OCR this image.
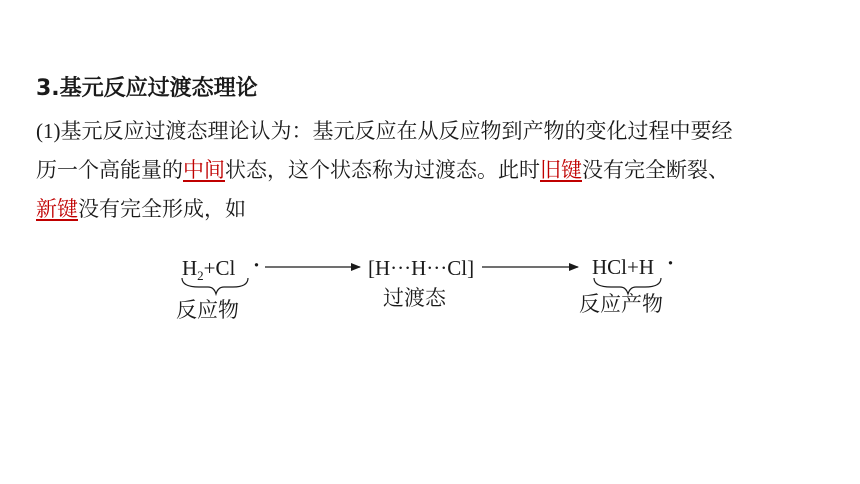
3.基元反应过渡态理论
(1)基元反应过渡态理论认为：基元反应在从反应物到产物的变化过程中要经
历一个高能量的中间状态，这个状态称为过渡态。此时旧键没有完全断裂、
新键没有完全形成，如
$H_2+Cl$ ·
反应物
[H···H···Cl]
过渡态
HCl+H ·
反应产物
